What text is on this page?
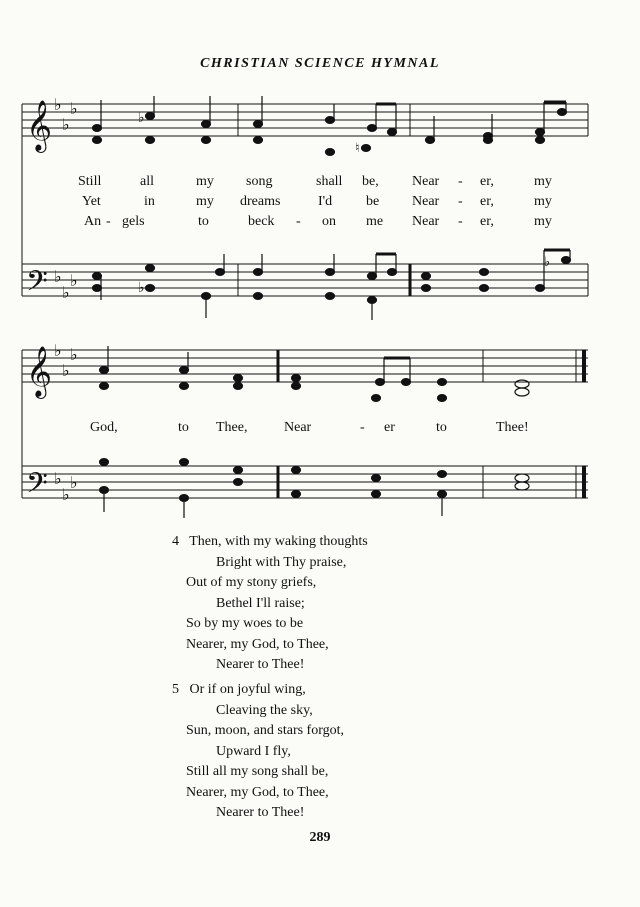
CHRISTIAN SCIENCE HYMNAL
𝄞
𝄢
𝄞
𝄢
♭
♭
♭
♭
♭
♭
♭
♭
♭
♭
♭
♭
♭
♮
♭
♭
Still	all	my song	shall be, Near - er,	my
Yet	in	my dreams	I'd be Near - er,	my
An - gels	to	beck - on me Near - er,	my
God,	to Thee,	Near	- er	to	Thee!
4 Then, with my waking thoughts
Bright with Thy praise,
Out of my stony griefs,
Bethel I'll raise;
So by my woes to be
Nearer, my God, to Thee,
Nearer to Thee!
5 Or if on joyful wing,
Cleaving the sky,
Sun, moon, and stars forgot,
Upward I fly,
Still all my song shall be,
Nearer, my God, to Thee,
Nearer to Thee!
289
